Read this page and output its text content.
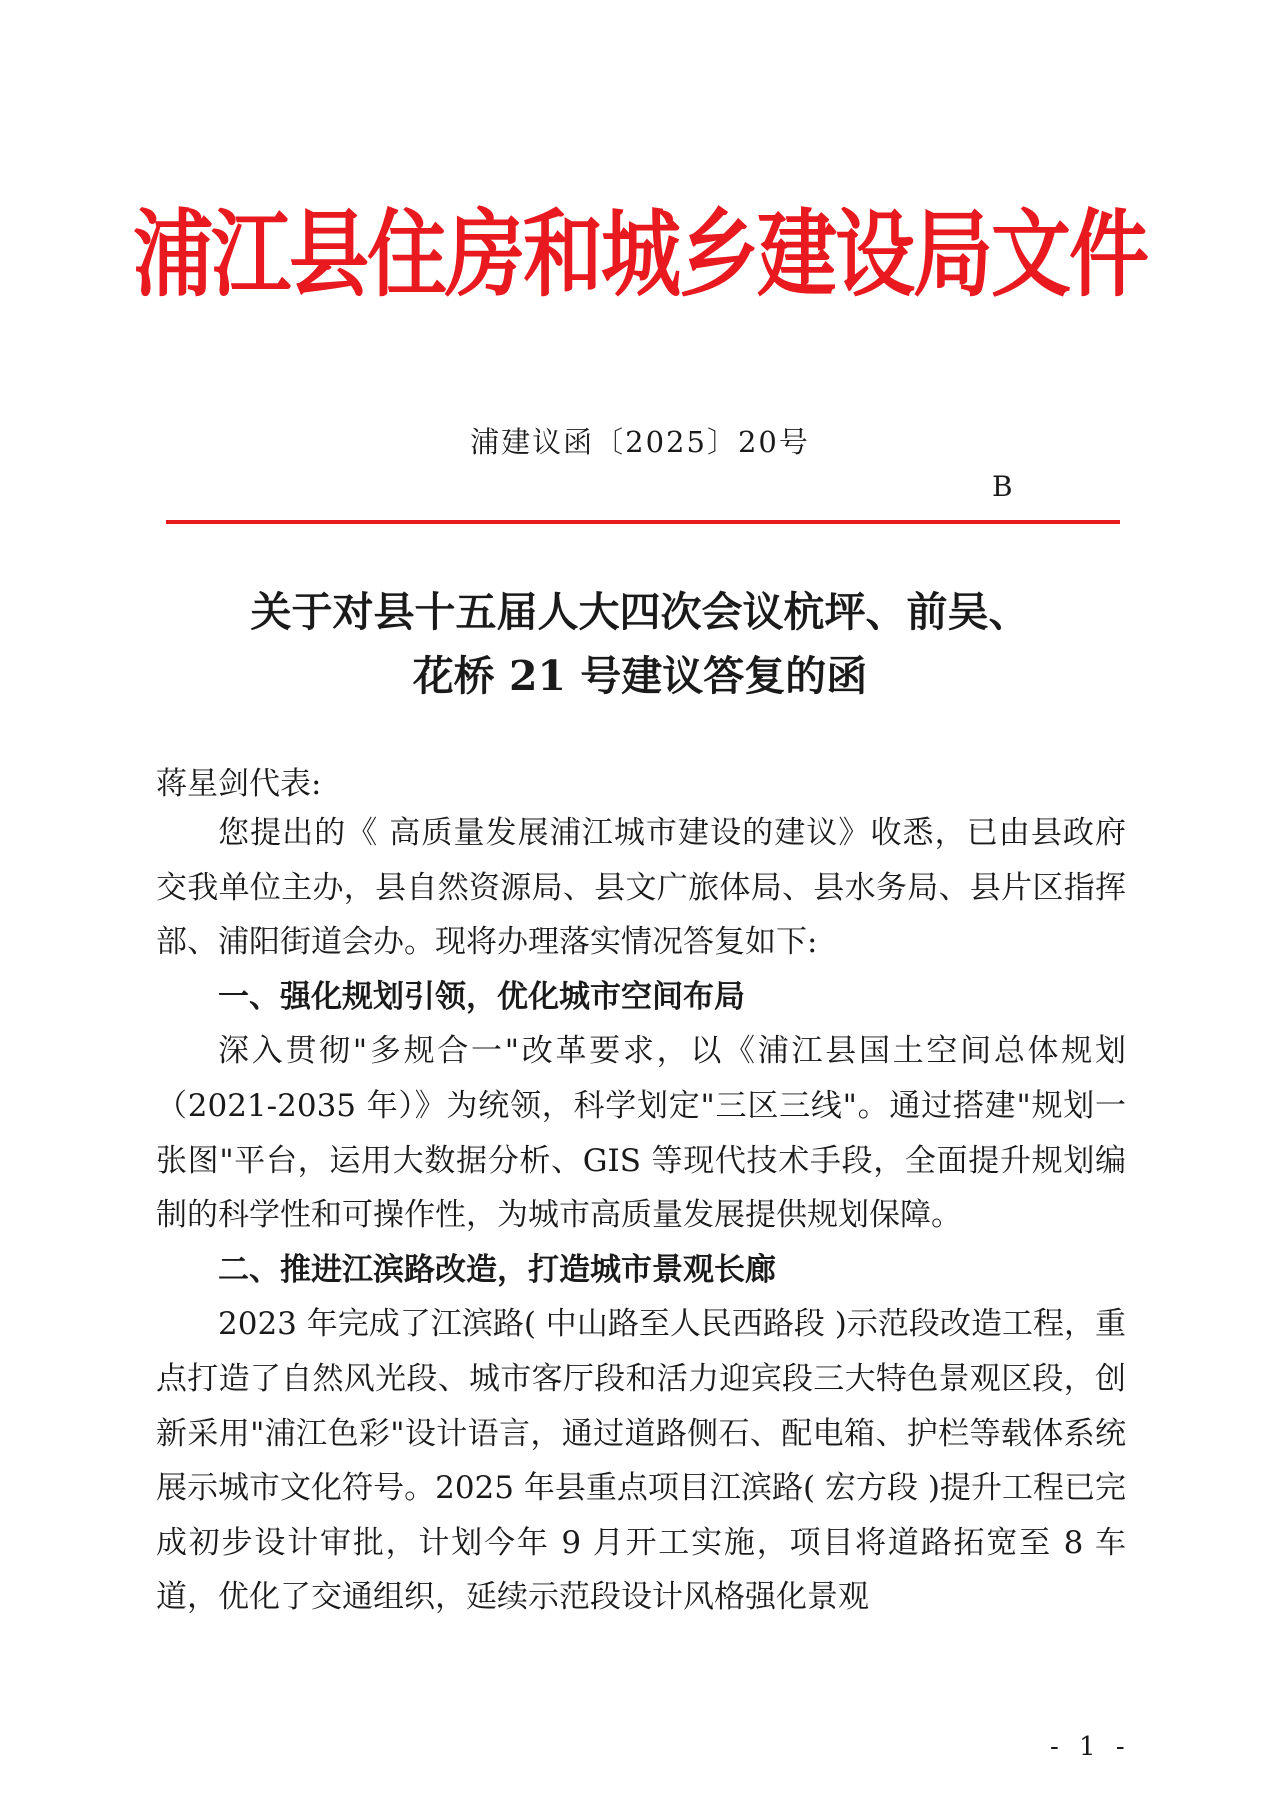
浦江县住房和城乡建设局文件
浦建议函〔2025〕20号
B
关于对县十五届人大四次会议杭坪、前吴、
花桥 21 号建议答复的函
蒋星剑代表:

您提出的《 高质量发展浦江城市建设的建议》收悉，已由县政府交我单位主办，县自然资源局、县文广旅体局、县水务局、县片区指挥部、浦阳街道会办。现将办理落实情况答复如下:

一、强化规划引领，优化城市空间布局

深入贯彻"多规合一"改革要求，以《浦江县国土空间总体规划（2021-2035 年）》为统领，科学划定"三区三线"。通过搭建"规划一张图"平台，运用大数据分析、GIS 等现代技术手段，全面提升规划编制的科学性和可操作性，为城市高质量发展提供规划保障。

二、推进江滨路改造，打造城市景观长廊

2023 年完成了江滨路( 中山路至人民西路段 )示范段改造工程，重点打造了自然风光段、城市客厅段和活力迎宾段三大特色景观区段，创新采用"浦江色彩"设计语言，通过道路侧石、配电箱、护栏等载体系统展示城市文化符号。2025 年县重点项目江滨路( 宏方段 )提升工程已完成初步设计审批，计划今年 9 月开工实施，项目将道路拓宽至 8 车道，优化了交通组织，延续示范段设计风格强化景观

- 1 -
